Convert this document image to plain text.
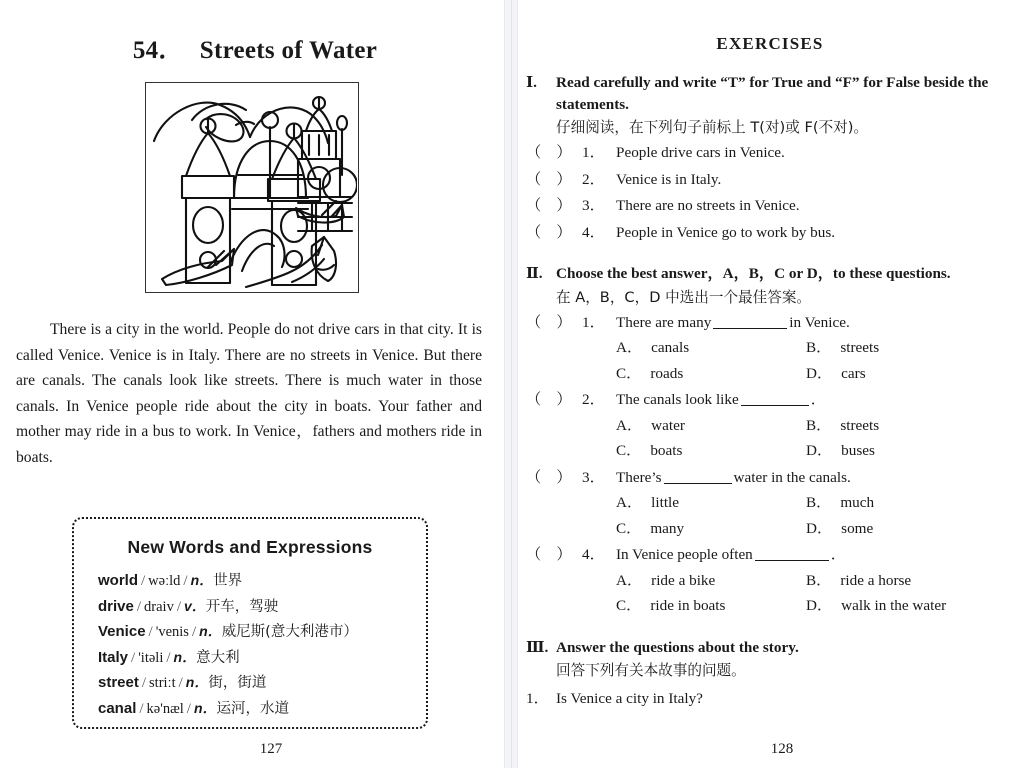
54． Streets of Water

There is a city in the world. People do not drive cars in that city. It is called Venice. Venice is in Italy. There are no streets in Venice. But there are canals. The canals look like streets. There is much water in those canals. In Venice people ride about the city in boats. Your father and mother may ride in a bus to work. In Venice，fathers and mothers ride in boats.

New Words and Expressions
world / wəːld / n．世界
drive / draiv / v．开车，驾驶
Venice / 'venis / n．威尼斯(意大利港市）
Italy / 'itəli / n．意大利
street / striːt / n．街，街道
canal / kə'næl / n．运河，水道
127
EXERCISES
Ⅰ.	Read carefully and write “T” for True and “F” for False beside the statements.
仔细阅读，在下列句子前标上 T(对)或 F(不对)。
（    ） 1． People drive cars in Venice.
（    ） 2． Venice is in Italy.
（    ） 3． There are no streets in Venice.
（    ） 4． People in Venice go to work by bus.
Ⅱ. Choose the best answer，A，B，C or D，to these questions.
在 A，B，C，D 中选出一个最佳答案。
（    ） 1． There are many	in Venice.
A． canals	B． streets
C． roads	D． cars
（    ） 2． The canals look like	．
A． water	B． streets
C． boats	D． buses
（    ） 3． There’s	water in the canals.
A． little	B． much
C． many	D． some
（    ） 4． In Venice people often	．
A． ride a bike	B． ride a horse
C． ride in boats	D． walk in the water
Ⅲ. Answer the questions about the story.
回答下列有关本故事的问题。
1． Is Venice a city in Italy?
128
